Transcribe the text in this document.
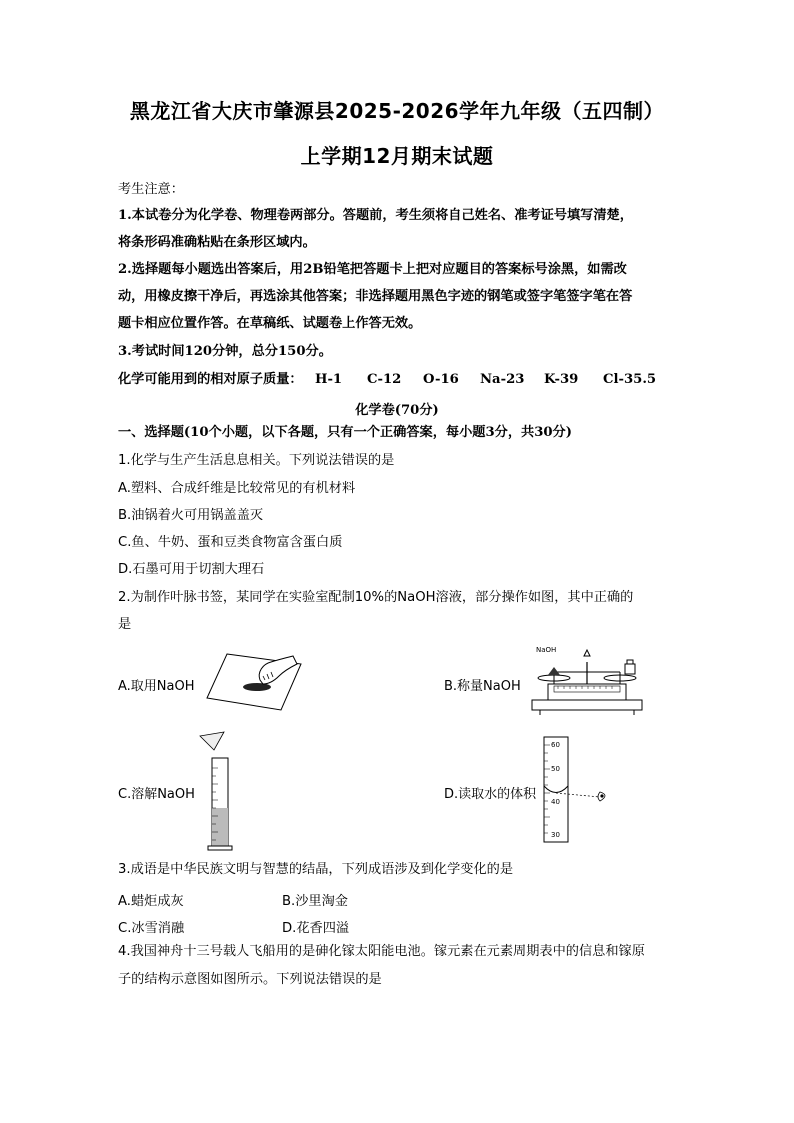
黑龙江省大庆市肇源县2025-2026学年九年级（五四制）
上学期12月期末试题
考生注意：
1.本试卷分为化学卷、物理卷两部分。答题前，考生须将自己姓名、准考证号填写清楚，
将条形码准确粘贴在条形区域内。
2.选择题每小题选出答案后，用2B铅笔把答题卡上把对应题目的答案标号涂黑，如需改
动，用橡皮擦干净后，再选涂其他答案；非选择题用黑色字迹的钢笔或签字笔签字笔在答
题卡相应位置作答。在草稿纸、试题卷上作答无效。
3.考试时间120分钟，总分150分。
化学可能用到的相对原子质量： H-1 C-12 O-16 Na-23 K-39 Cl-35.5
化学卷(70分)
一、选择题(10个小题，以下各题，只有一个正确答案，每小题3分，共30分)
1.化学与生产生活息息相关。下列说法错误的是
A.塑料、合成纤维是比较常见的有机材料
B.油锅着火可用锅盖盖灭
C.鱼、牛奶、蛋和豆类食物富含蛋白质
D.石墨可用于切割大理石
2.为制作叶脉书签，某同学在实验室配制10%的NaOH溶液，部分操作如图，其中正确的
是
A.取用NaOH	B.称量NaOH
NaOH
C.溶解NaOH	D.读取水的体积
60
50
40
30
3.成语是中华民族文明与智慧的结晶，下列成语涉及到化学变化的是
A.蜡炬成灰	B.沙里淘金
C.冰雪消融	D.花香四溢
4.我国神舟十三号载人飞船用的是砷化镓太阳能电池。镓元素在元素周期表中的信息和镓原
子的结构示意图如图所示。下列说法错误的是
